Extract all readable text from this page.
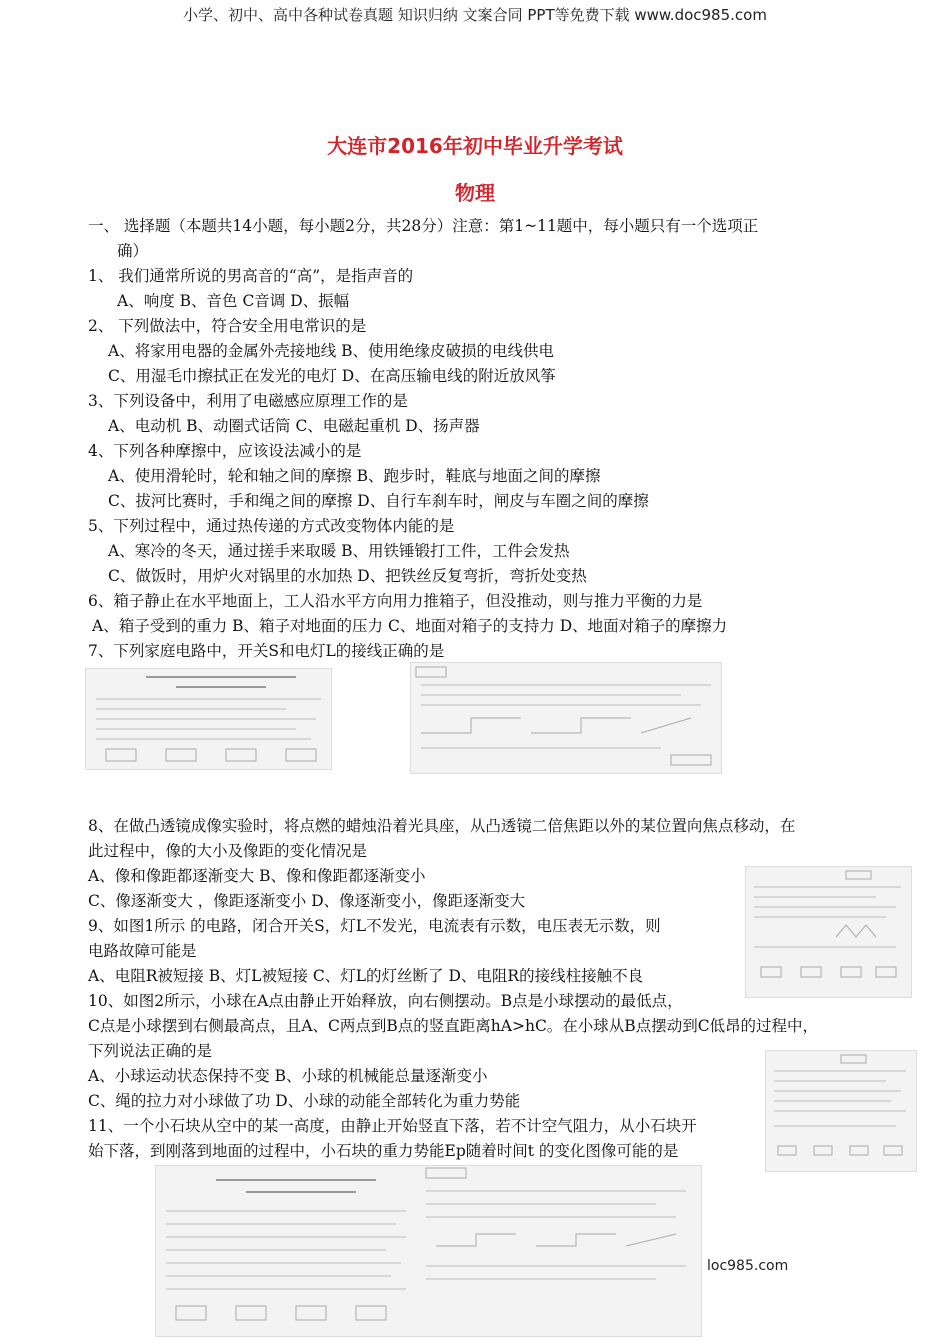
小学、初中、高中各种试卷真题 知识归纳 文案合同 PPT等免费下载 www.doc985.com
大连市2016年初中毕业升学考试
物理
一、 选择题（本题共14小题，每小题2分，共28分）注意：第1~11题中，每小题只有一个选项正
确）
1、 我们通常所说的男高音的“高”，是指声音的
A、响度 B、音色 C音调 D、振幅
2、 下列做法中，符合安全用电常识的是
A、将家用电器的金属外壳接地线 B、使用绝缘皮破损的电线供电
C、用湿毛巾擦拭正在发光的电灯 D、在高压输电线的附近放风筝
3、下列设备中，利用了电磁感应原理工作的是
A、电动机 B、动圈式话筒 C、电磁起重机 D、扬声器
4、下列各种摩擦中，应该设法减小的是
A、使用滑轮时，轮和轴之间的摩擦 B、跑步时，鞋底与地面之间的摩擦
C、拔河比赛时，手和绳之间的摩擦 D、自行车刹车时，闸皮与车圈之间的摩擦
5、下列过程中，通过热传递的方式改变物体内能的是
A、寒冷的冬天，通过搓手来取暖 B、用铁锤锻打工件，工件会发热
C、做饭时，用炉火对锅里的水加热 D、把铁丝反复弯折，弯折处变热
6、箱子静止在水平地面上，工人沿水平方向用力推箱子，但没推动，则与推力平衡的力是
A、箱子受到的重力 B、箱子对地面的压力 C、地面对箱子的支持力 D、地面对箱子的摩擦力
7、下列家庭电路中，开关S和电灯L的接线正确的是
8、在做凸透镜成像实验时，将点燃的蜡烛沿着光具座，从凸透镜二倍焦距以外的某位置向焦点移动，在
此过程中，像的大小及像距的变化情况是
A、像和像距都逐渐变大 B、像和像距都逐渐变小
C、像逐渐变大 ，像距逐渐变小 D、像逐渐变小，像距逐渐变大
9、如图1所示 的电路，闭合开关S，灯L不发光，电流表有示数，电压表无示数，则
电路故障可能是
A、电阻R被短接 B、灯L被短接 C、灯L的灯丝断了 D、电阻R的接线柱接触不良
10、如图2所示，小球在A点由静止开始释放，向右侧摆动。B点是小球摆动的最低点，
C点是小球摆到右侧最高点，且A、C两点到B点的竖直距离hA>hC。在小球从B点摆动到C低昂的过程中，
下列说法正确的是
A、小球运动状态保持不变 B、小球的机械能总量逐渐变小
C、绳的拉力对小球做了功 D、小球的动能全部转化为重力势能
11、一个小石块从空中的某一高度，由静止开始竖直下落，若不计空气阻力，从小石块开
始下落，到刚落到地面的过程中，小石块的重力势能Ep随着时间t 的变化图像可能的是
loc985.com
